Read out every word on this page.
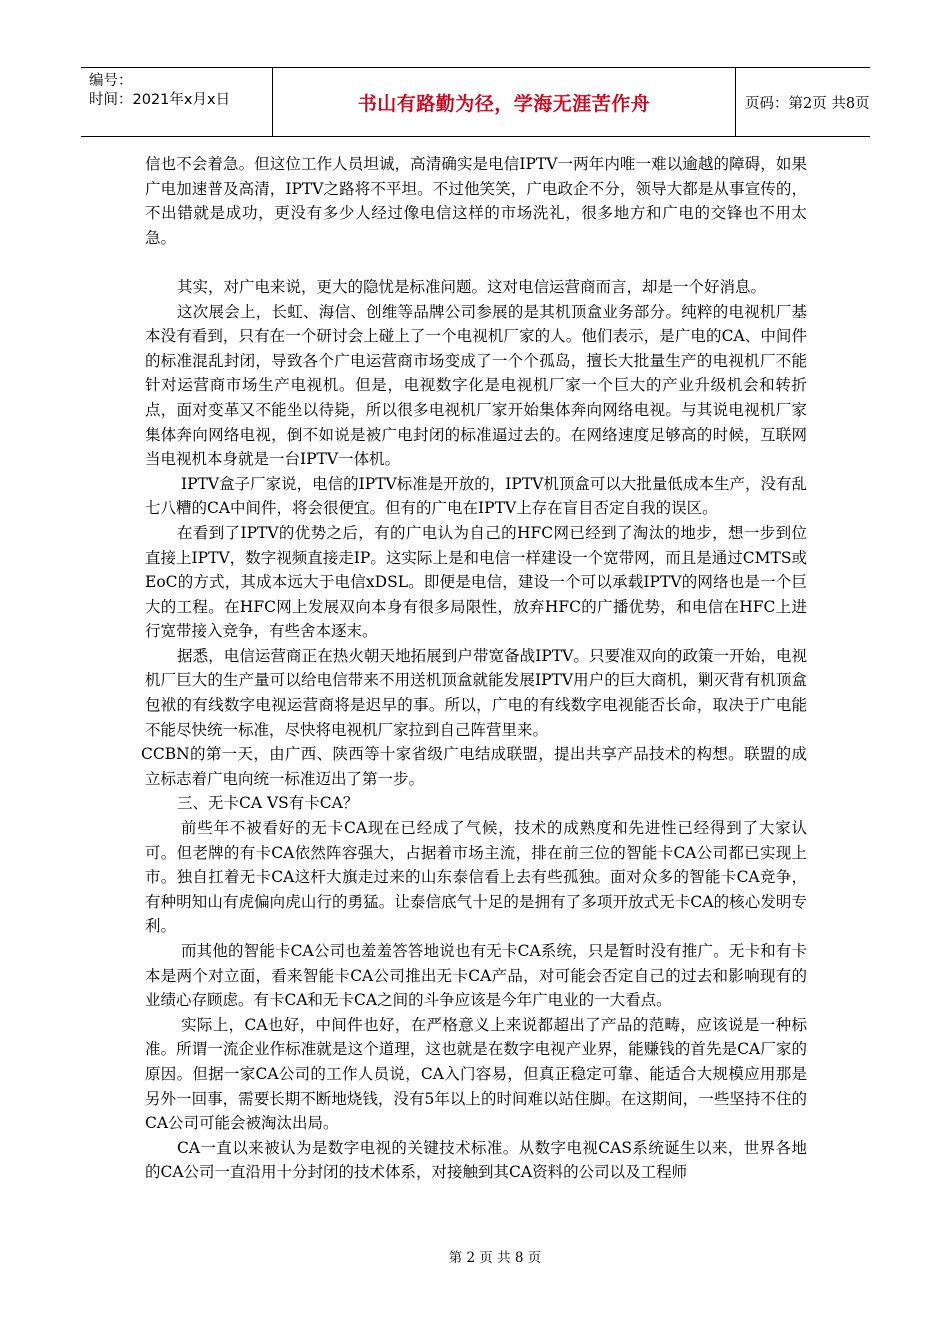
编号：
时间：2021年x月x日	书山有路勤为径，学海无涯苦作舟	页码：第2页 共8页

信也不会着急。但这位工作人员坦诚，高清确实是电信IPTV一两年内唯一难以逾越的障碍，如果广电加速普及高清，IPTV之路将不平坦。不过他笑笑，广电政企不分，领导大都是从事宣传的，不出错就是成功，更没有多少人经过像电信这样的市场洗礼，很多地方和广电的交锋也不用太急。

其实，对广电来说，更大的隐忧是标准问题。这对电信运营商而言，却是一个好消息。

这次展会上，长虹、海信、创维等品牌公司参展的是其机顶盒业务部分。纯粹的电视机厂基本没有看到，只有在一个研讨会上碰上了一个电视机厂家的人。他们表示，是广电的CA、中间件的标准混乱封闭，导致各个广电运营商市场变成了一个个孤岛，擅长大批量生产的电视机厂不能针对运营商市场生产电视机。但是，电视数字化是电视机厂家一个巨大的产业升级机会和转折点，面对变革又不能坐以待毙，所以很多电视机厂家开始集体奔向网络电视。与其说电视机厂家集体奔向网络电视，倒不如说是被广电封闭的标准逼过去的。在网络速度足够高的时候，互联网当电视机本身就是一台IPTV一体机。

IPTV盒子厂家说，电信的IPTV标准是开放的，IPTV机顶盒可以大批量低成本生产，没有乱七八糟的CA中间件，将会很便宜。但有的广电在IPTV上存在盲目否定自我的误区。

在看到了IPTV的优势之后，有的广电认为自己的HFC网已经到了淘汰的地步，想一步到位直接上IPTV，数字视频直接走IP。这实际上是和电信一样建设一个宽带网，而且是通过CMTS或EoC的方式，其成本远大于电信xDSL。即便是电信，建设一个可以承载IPTV的网络也是一个巨大的工程。在HFC网上发展双向本身有很多局限性，放弃HFC的广播优势，和电信在HFC上进行宽带接入竞争，有些舍本逐末。

据悉，电信运营商正在热火朝天地拓展到户带宽备战IPTV。只要准双向的政策一开始，电视机厂巨大的生产量可以给电信带来不用送机顶盒就能发展IPTV用户的巨大商机，剿灭背有机顶盒包袱的有线数字电视运营商将是迟早的事。所以，广电的有线数字电视能否长命，取决于广电能不能尽快统一标准，尽快将电视机厂家拉到自己阵营里来。

CCBN的第一天，由广西、陕西等十家省级广电结成联盟，提出共享产品技术的构想。联盟的成立标志着广电向统一标准迈出了第一步。

三、无卡CA VS有卡CA？

前些年不被看好的无卡CA现在已经成了气候，技术的成熟度和先进性已经得到了大家认可。但老牌的有卡CA依然阵容强大，占据着市场主流，排在前三位的智能卡CA公司都已实现上市。独自扛着无卡CA这杆大旗走过来的山东泰信看上去有些孤独。面对众多的智能卡CA竞争，有种明知山有虎偏向虎山行的勇猛。让泰信底气十足的是拥有了多项开放式无卡CA的核心发明专利。

而其他的智能卡CA公司也羞羞答答地说也有无卡CA系统，只是暂时没有推广。无卡和有卡本是两个对立面，看来智能卡CA公司推出无卡CA产品，对可能会否定自己的过去和影响现有的业绩心存顾虑。有卡CA和无卡CA之间的斗争应该是今年广电业的一大看点。

实际上，CA也好，中间件也好，在严格意义上来说都超出了产品的范畴，应该说是一种标准。所谓一流企业作标准就是这个道理，这也就是在数字电视产业界，能赚钱的首先是CA厂家的原因。但据一家CA公司的工作人员说，CA入门容易，但真正稳定可靠、能适合大规模应用那是另外一回事，需要长期不断地烧钱，没有5年以上的时间难以站住脚。在这期间，一些坚持不住的CA公司可能会被淘汰出局。

CA一直以来被认为是数字电视的关键技术标准。从数字电视CAS系统诞生以来，世界各地的CA公司一直沿用十分封闭的技术体系，对接触到其CA资料的公司以及工程师

第 2 页 共 8 页
